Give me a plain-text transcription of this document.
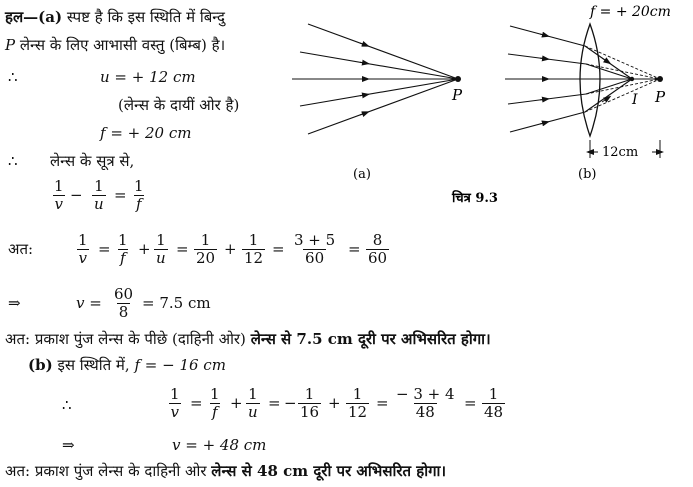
हल—(a) स्पष्ट है कि इस स्थिति में बिन्दु
P लेन्स के लिए आभासी वस्तु (बिम्ब) है।
∴	u = + 12 cm
(लेन्स के दायीं ओर है)
f = + 20 cm
∴ लेन्स के सूत्र से,
$\frac{1}{v} - \frac{1}{u} = \frac{1}{f}$
अत:	$\frac{1}{v} = \frac{1}{f} + \frac{1}{u} = \frac{1}{20} + \frac{1}{12} = \frac{3 + 5}{60} = \frac{8}{60}$
⇒	$v = \frac{60}{8} = 7.5$ cm
अत: प्रकाश पुंज लेन्स के पीछे (दाहिनी ओर) लेन्स से 7.5 cm दूरी पर अभिसरित होगा।
(b) इस स्थिति में, f = − 16 cm
∴	$\frac{1}{v} = \frac{1}{f} + \frac{1}{u}$ = − $\frac{1}{16} + \frac{1}{12} = \frac{- 3 + 4}{48} = \frac{1}{48}$
⇒	v = + 48 cm
अत: प्रकाश पुंज लेन्स के दाहिनी ओर लेन्स से 48 cm दूरी पर अभिसरित होगा।
P
(a)
f = + 20cm
I P
12cm
(b)
चित्र 9.3
